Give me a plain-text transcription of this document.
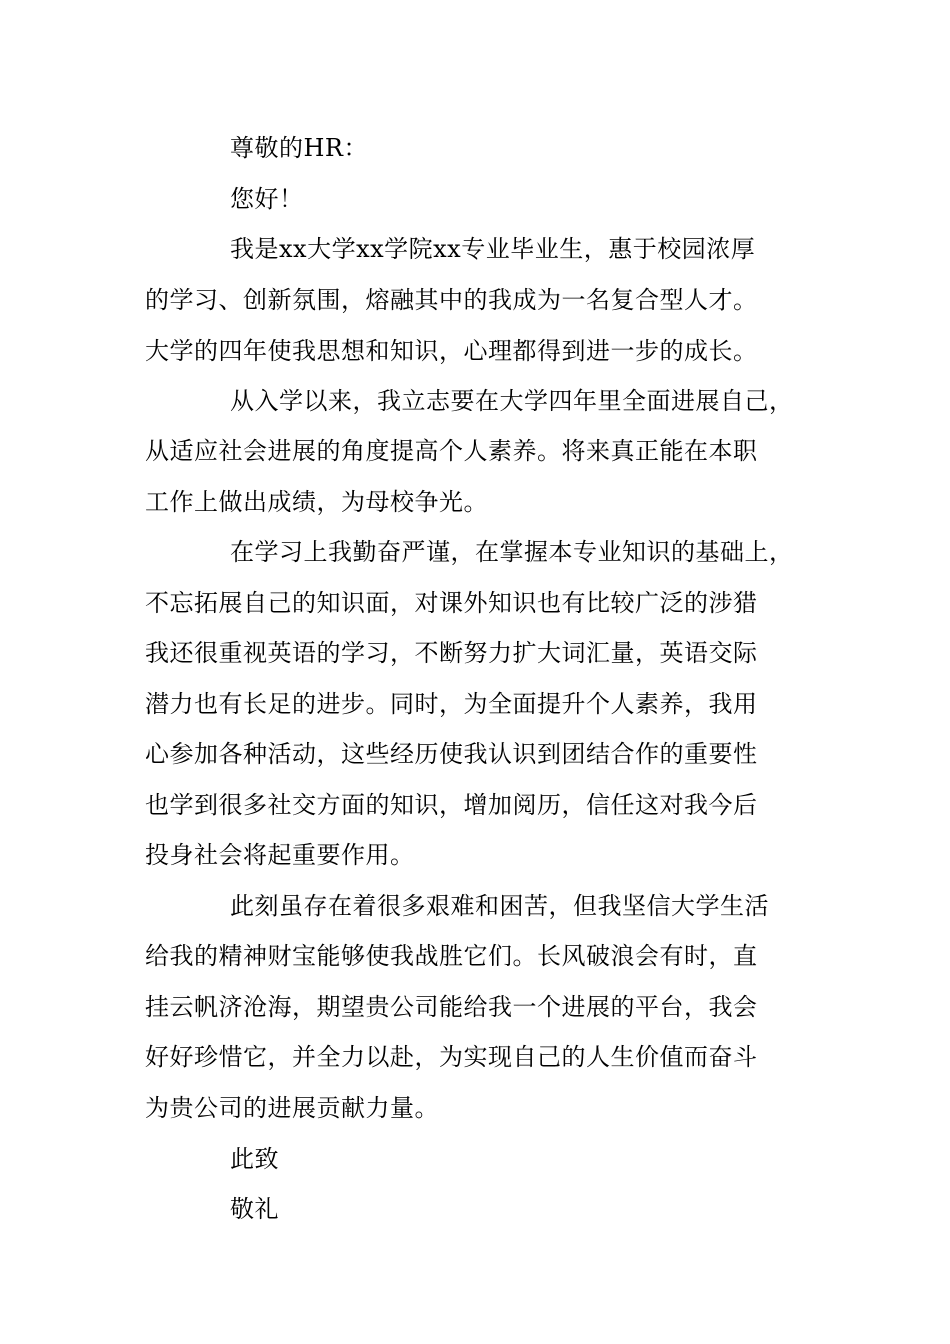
尊敬的HR：
您好！
我是xx大学xx学院xx专业毕业生，惠于校园浓厚
的学习、创新氛围，熔融其中的我成为一名复合型人才。
大学的四年使我思想和知识，心理都得到进一步的成长。
从入学以来，我立志要在大学四年里全面进展自己，
从适应社会进展的角度提高个人素养。将来真正能在本职
工作上做出成绩，为母校争光。
在学习上我勤奋严谨，在掌握本专业知识的基础上，
不忘拓展自己的知识面，对课外知识也有比较广泛的涉猎
我还很重视英语的学习，不断努力扩大词汇量，英语交际
潜力也有长足的进步。同时，为全面提升个人素养，我用
心参加各种活动，这些经历使我认识到团结合作的重要性
也学到很多社交方面的知识，增加阅历，信任这对我今后
投身社会将起重要作用。
此刻虽存在着很多艰难和困苦，但我坚信大学生活
给我的精神财宝能够使我战胜它们。长风破浪会有时，直
挂云帆济沧海，期望贵公司能给我一个进展的平台，我会
好好珍惜它，并全力以赴，为实现自己的人生价值而奋斗
为贵公司的进展贡献力量。
此致
敬礼
